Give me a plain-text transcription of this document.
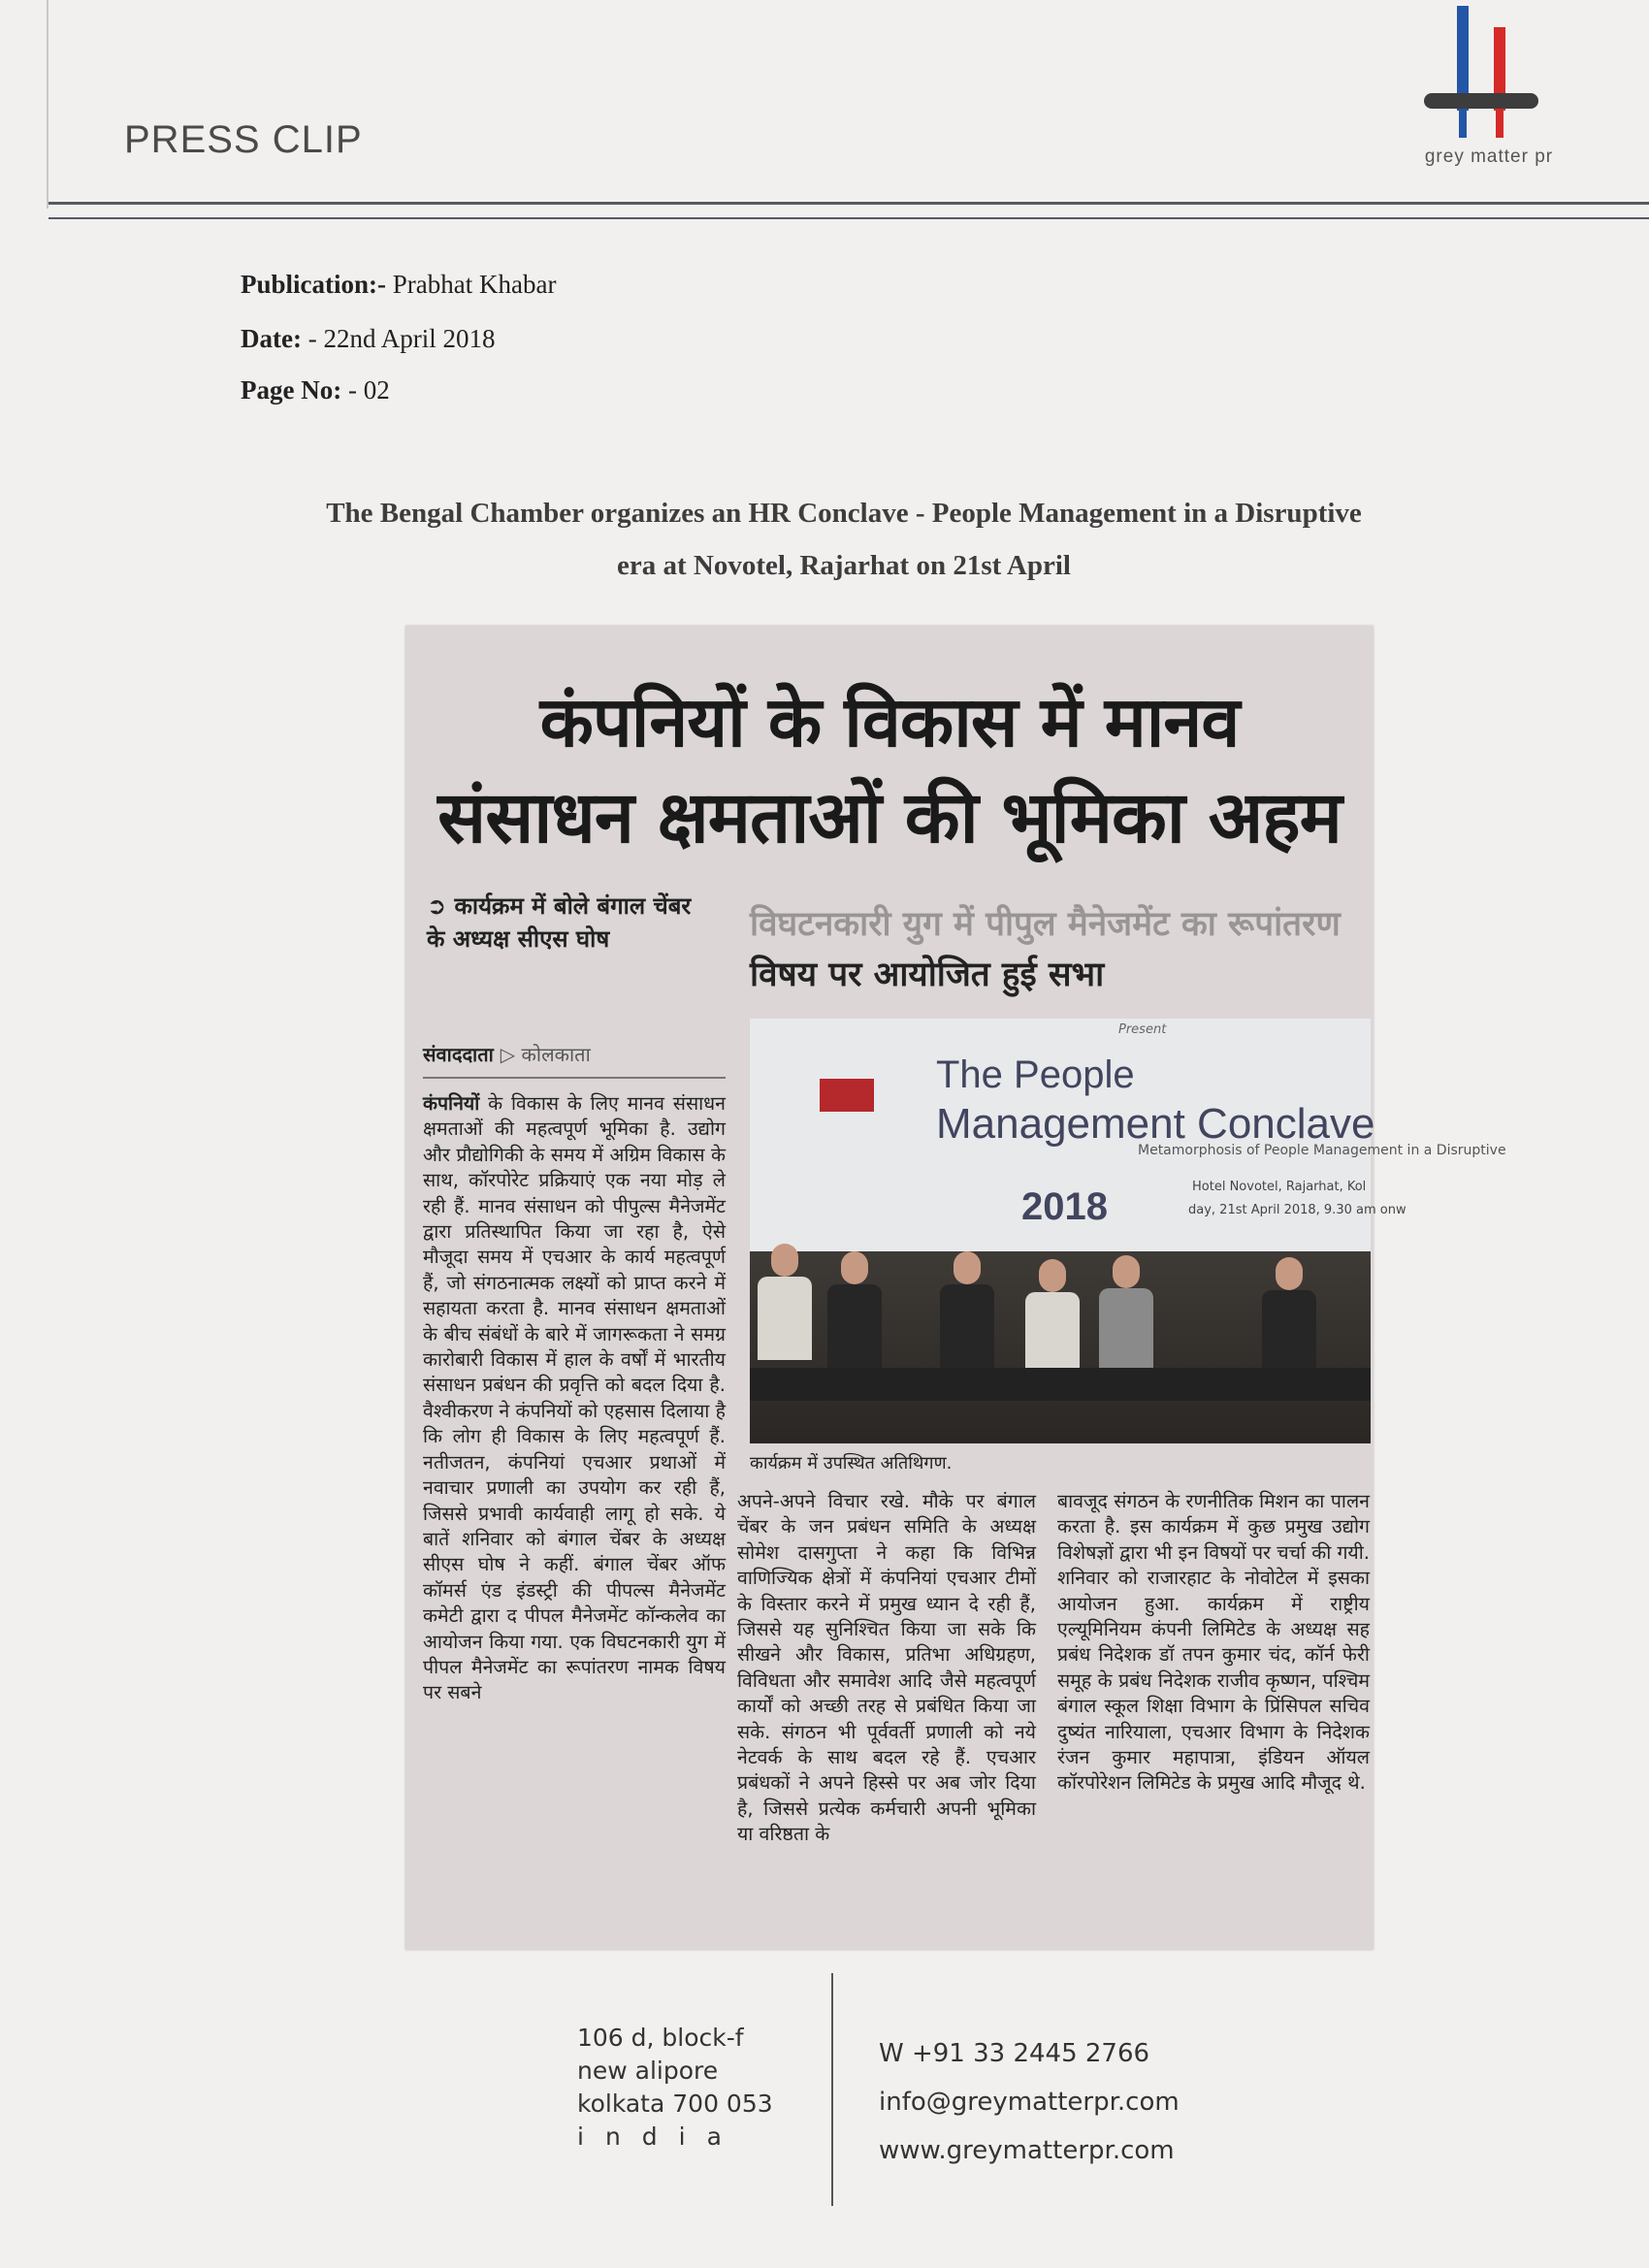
PRESS CLIP	grey matter pr
Publication:- Prabhat Khabar
Date: - 22nd April 2018
Page No: - 02
The Bengal Chamber organizes an HR Conclave - People Management in a Disruptive
era at Novotel, Rajarhat on 21st April
कंपनियों के विकास में मानव
संसाधन क्षमताओं की भूमिका अहम
➲ कार्यक्रम में बोले बंगाल चेंबर के अध्यक्ष सीएस घोष	विघटनकारी युग में पीपुल मैनेजमेंट का रूपांतरण विषय पर आयोजित हुई सभा
संवाददाता ▷ कोलकाता
Present
The People
Management Conclave
Metamorphosis of People Management in a Disruptive
Hotel Novotel, Rajarhat, Kol
day, 21st April 2018, 9.30 am onw
2018
कार्यक्रम में उपस्थित अतिथिगण.
कंपनियों के विकास के लिए मानव संसाधन क्षमताओं की महत्वपूर्ण भूमिका है. उद्योग और प्रौद्योगिकी के समय में अग्रिम विकास के साथ, कॉरपोरेट प्रक्रियाएं एक नया मोड़ ले रही हैं. मानव संसाधन को पीपुल्स मैनेजमेंट द्वारा प्रतिस्थापित किया जा रहा है, ऐसे मौजूदा समय में एचआर के कार्य महत्वपूर्ण हैं, जो संगठनात्मक लक्ष्यों को प्राप्त करने में सहायता करता है. मानव संसाधन क्षमताओं के बीच संबंधों के बारे में जागरूकता ने समग्र कारोबारी विकास में हाल के वर्षों में भारतीय संसाधन प्रबंधन की प्रवृत्ति को बदल दिया है. वैश्वीकरण ने कंपनियों को एहसास दिलाया है कि लोग ही विकास के लिए महत्वपूर्ण हैं. नतीजतन, कंपनियां एचआर प्रथाओं में नवाचार प्रणाली का उपयोग कर रही हैं, जिससे प्रभावी कार्यवाही लागू हो सके. ये बातें शनिवार को बंगाल चेंबर के अध्यक्ष सीएस घोष ने कहीं. बंगाल चेंबर ऑफ कॉमर्स एंड इंडस्ट्री की पीपल्स मैनेजमेंट कमेटी द्वारा द पीपल मैनेजमेंट कॉन्कलेव का आयोजन किया गया. एक विघटनकारी युग में पीपल मैनेजमेंट का रूपांतरण नामक विषय पर सबने
अपने-अपने विचार रखे. मौके पर बंगाल चेंबर के जन प्रबंधन समिति के अध्यक्ष सोमेश दासगुप्ता ने कहा कि विभिन्न वाणिज्यिक क्षेत्रों में कंपनियां एचआर टीमों के विस्तार करने में प्रमुख ध्यान दे रही हैं, जिससे यह सुनिश्चित किया जा सके कि सीखने और विकास, प्रतिभा अधिग्रहण, विविधता और समावेश आदि जैसे महत्वपूर्ण कार्यों को अच्छी तरह से प्रबंधित किया जा सके. संगठन भी पूर्ववर्ती प्रणाली को नये नेटवर्क के साथ बदल रहे हैं. एचआर प्रबंधकों ने अपने हिस्से पर अब जोर दिया है, जिससे प्रत्येक कर्मचारी अपनी भूमिका या वरिष्ठता के
बावजूद संगठन के रणनीतिक मिशन का पालन करता है. इस कार्यक्रम में कुछ प्रमुख उद्योग विशेषज्ञों द्वारा भी इन विषयों पर चर्चा की गयी. शनिवार को राजारहाट के नोवोटेल में इसका आयोजन हुआ. कार्यक्रम में राष्ट्रीय एल्यूमिनियम कंपनी लिमिटेड के अध्यक्ष सह प्रबंध निदेशक डॉ तपन कुमार चंद, कॉर्न फेरी समूह के प्रबंध निदेशक राजीव कृष्णन, पश्चिम बंगाल स्कूल शिक्षा विभाग के प्रिंसिपल सचिव दुष्यंत नारियाला, एचआर विभाग के निदेशक रंजन कुमार महापात्रा, इंडियन ऑयल कॉरपोरेशन लिमिटेड के प्रमुख आदि मौजूद थे.
106 d, block-f
new alipore
kolkata 700 053
india
W +91 33 2445 2766
info@greymatterpr.com
www.greymatterpr.com
